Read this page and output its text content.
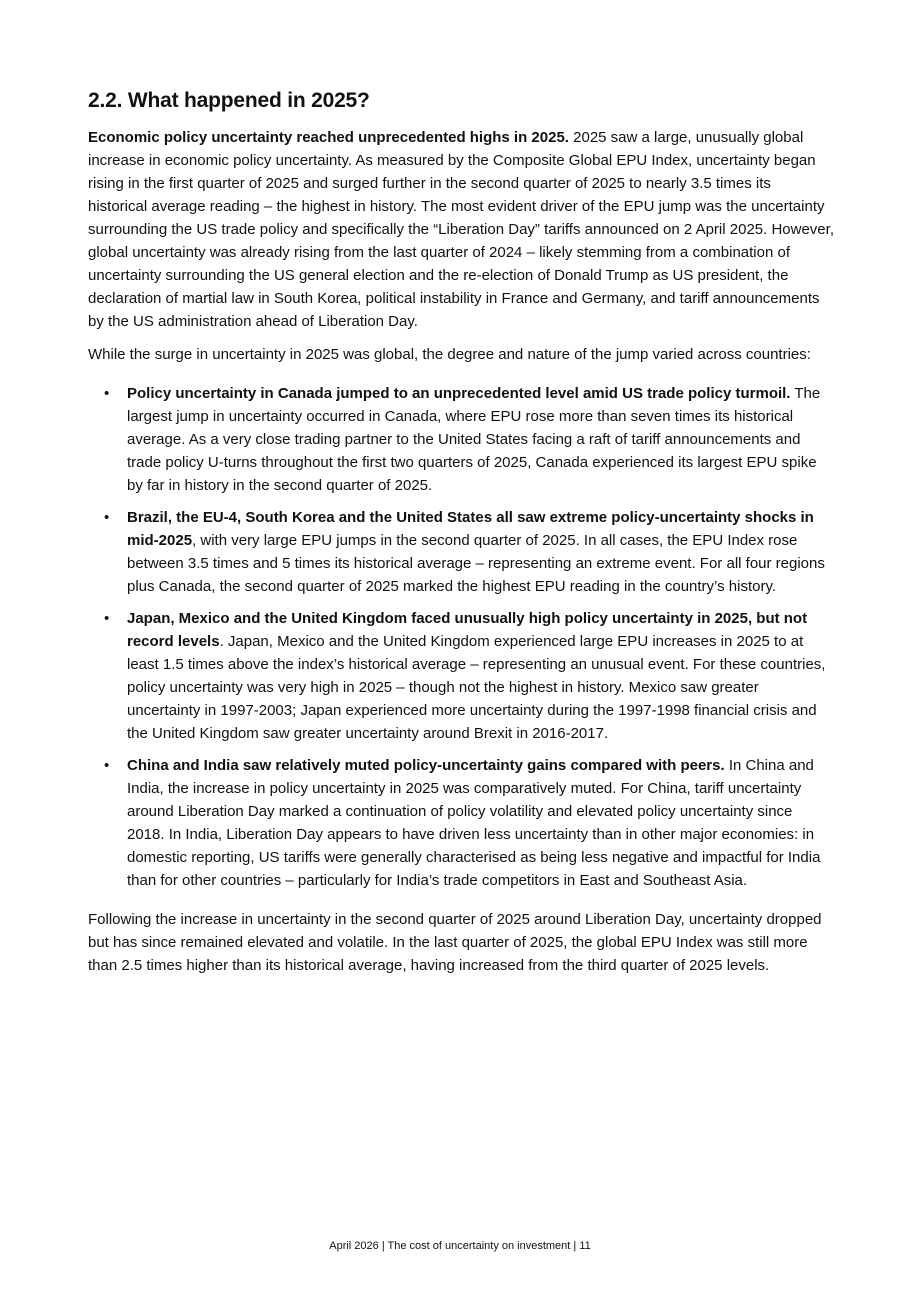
2.2. What happened in 2025?

Economic policy uncertainty reached unprecedented highs in 2025. 2025 saw a large, unusually global increase in economic policy uncertainty. As measured by the Composite Global EPU Index, uncertainty began rising in the first quarter of 2025 and surged further in the second quarter of 2025 to nearly 3.5 times its historical average reading – the highest in history. The most evident driver of the EPU jump was the uncertainty surrounding the US trade policy and specifically the “Liberation Day” tariffs announced on 2 April 2025. However, global uncertainty was already rising from the last quarter of 2024 – likely stemming from a combination of uncertainty surrounding the US general election and the re-election of Donald Trump as US president, the declaration of martial law in South Korea, political instability in France and Germany, and tariff announcements by the US administration ahead of Liberation Day.

While the surge in uncertainty in 2025 was global, the degree and nature of the jump varied across countries:

• Policy uncertainty in Canada jumped to an unprecedented level amid US trade policy turmoil. The largest jump in uncertainty occurred in Canada, where EPU rose more than seven times its historical average. As a very close trading partner to the United States facing a raft of tariff announcements and trade policy U-turns throughout the first two quarters of 2025, Canada experienced its largest EPU spike by far in history in the second quarter of 2025.
• Brazil, the EU-4, South Korea and the United States all saw extreme policy-uncertainty shocks in mid-2025, with very large EPU jumps in the second quarter of 2025. In all cases, the EPU Index rose between 3.5 times and 5 times its historical average – representing an extreme event. For all four regions plus Canada, the second quarter of 2025 marked the highest EPU reading in the country’s history.
• Japan, Mexico and the United Kingdom faced unusually high policy uncertainty in 2025, but not record levels. Japan, Mexico and the United Kingdom experienced large EPU increases in 2025 to at least 1.5 times above the index’s historical average – representing an unusual event. For these countries, policy uncertainty was very high in 2025 – though not the highest in history. Mexico saw greater uncertainty in 1997-2003; Japan experienced more uncertainty during the 1997-1998 financial crisis and the United Kingdom saw greater uncertainty around Brexit in 2016-2017.
• China and India saw relatively muted policy-uncertainty gains compared with peers. In China and India, the increase in policy uncertainty in 2025 was comparatively muted. For China, tariff uncertainty around Liberation Day marked a continuation of policy volatility and elevated policy uncertainty since 2018. In India, Liberation Day appears to have driven less uncertainty than in other major economies: in domestic reporting, US tariffs were generally characterised as being less negative and impactful for India than for other countries – particularly for India’s trade competitors in East and Southeast Asia.

Following the increase in uncertainty in the second quarter of 2025 around Liberation Day, uncertainty dropped but has since remained elevated and volatile. In the last quarter of 2025, the global EPU Index was still more than 2.5 times higher than its historical average, having increased from the third quarter of 2025 levels.

April 2026 | The cost of uncertainty on investment | 11
